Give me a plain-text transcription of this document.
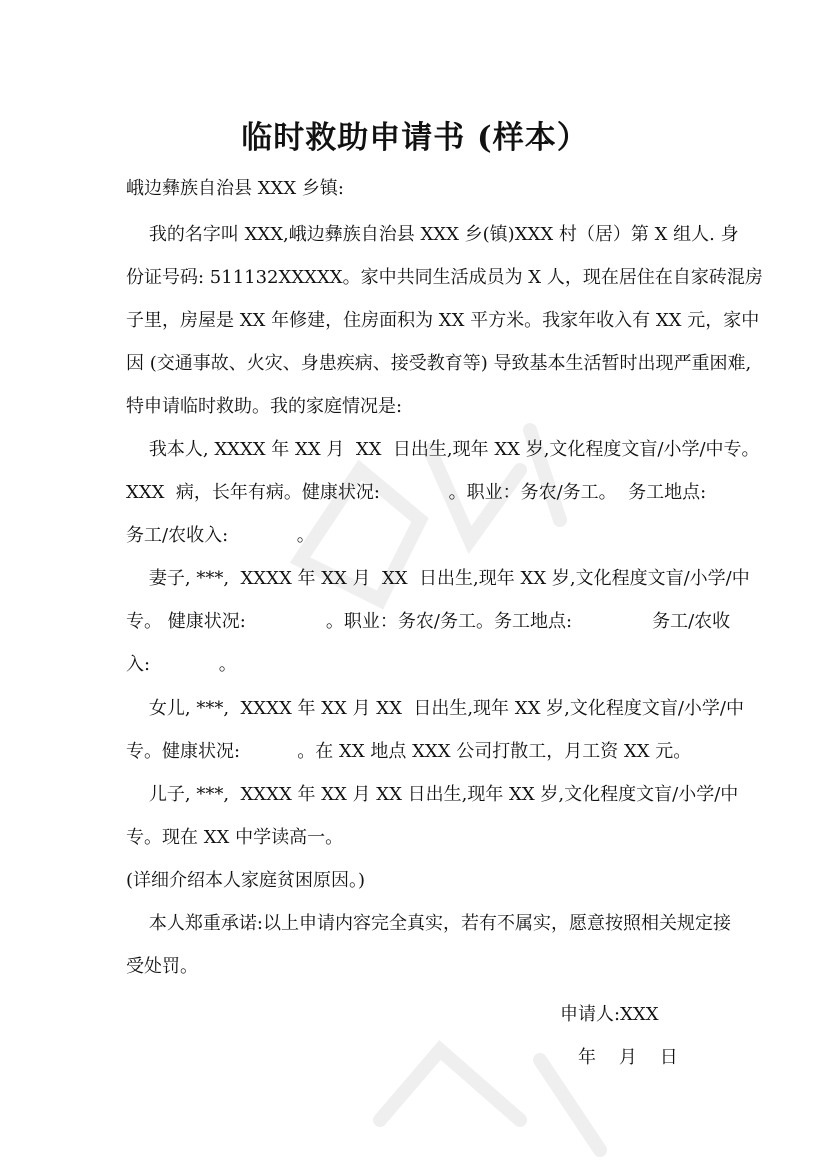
临时救助申请书 (样本）

峨边彝族自治县 XXX 乡镇:

我的名字叫 XXX,峨边彝族自治县 XXX 乡(镇)XXX 村（居）第 X 组人. 身

份证号码: 511132XXXXX。家中共同生活成员为 X 人，现在居住在自家砖混房

子里，房屋是 XX 年修建，住房面积为 XX 平方米。我家年收入有 XX 元，家中

因 (交通事故、火灾、身患疾病、接受教育等) 导致基本生活暂时出现严重困难,

特申请临时救助。我的家庭情况是:

我本人, XXXX 年 XX 月  XX  日出生,现年 XX 岁,文化程度文盲/小学/中专。

XXX  病，长年有病。健康状况:            。职业：务农/务工。  务工地点:

务工/农收入:            。

妻子, ***,  XXXX 年 XX 月  XX  日出生,现年 XX 岁,文化程度文盲/小学/中

专。 健康状况:              。职业：务农/务工。务工地点:              务工/农收

入:            。

女儿, ***,  XXXX 年 XX 月 XX  日出生,现年 XX 岁,文化程度文盲/小学/中

专。健康状况:          。在 XX 地点 XXX 公司打散工，月工资 XX 元。

儿子, ***,  XXXX 年 XX 月 XX 日出生,现年 XX 岁,文化程度文盲/小学/中

专。现在 XX 中学读高一。

(详细介绍本人家庭贫困原因。)

本人郑重承诺:以上申请内容完全真实，若有不属实，愿意按照相关规定接

受处罚。

申请人:XXX

年    月    日
